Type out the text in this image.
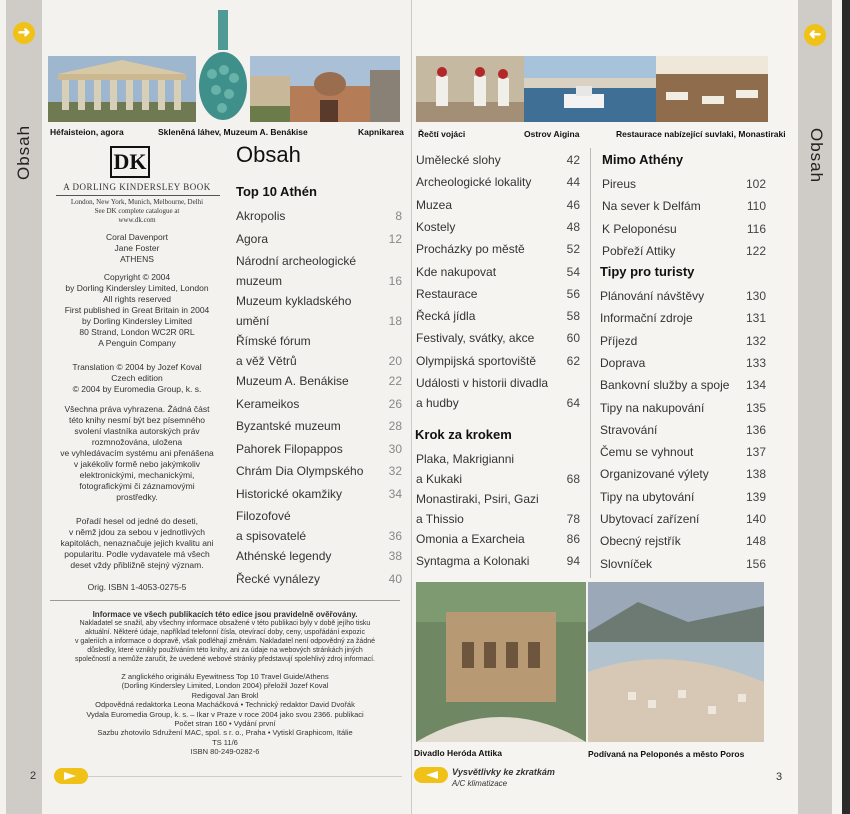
➜
Obsah Héfaisteion, agora	Skleněná láhev, Muzeum A. Benákise	Kapnikarea
DK
A DORLING KINDERSLEY BOOK
London, New York, Munich, Melbourne, Delhi
See DK complete catalogue at
www.dk.com
Coral Davenport
Jane Foster
ATHENS
Copyright © 2004
by Dorling Kindersley Limited, London
All rights reserved
First published in Great Britain in 2004
by Dorling Kindersley Limited
80 Strand, London WC2R 0RL
A Penguin Company
Translation © 2004 by Jozef Koval
Czech edition
© 2004 by Euromedia Group, k. s.
Všechna práva vyhrazena. Žádná část
této knihy nesmí být bez písemného
svolení vlastníka autorských práv
rozmnožována, uložena
ve vyhledávacím systému ani přenášena
v jakékoliv formě nebo jakýmkoliv
elektronickými, mechanickými,
fotografickými či záznamovými
prostředky.
Pořadí hesel od jedné do deseti,
v němž jdou za sebou v jednotlivých
kapitolách, nenaznačuje jejich kvalitu ani
popularitu. Podle vydavatele má všech
deset vždy přibližně stejný význam.
Orig. ISBN 1-4053-0275-5
Obsah
Top 10 Athén
Akropolis	8
Agora	12
Národní archeologické
muzeum	16
Muzeum kykladského
umění	18
Římské fórum
a věž Větrů	20
Muzeum A. Benákise	22
Kerameikos	26
Byzantské muzeum	28
Pahorek Filopappos	30
Chrám Dia Olympského 32
Historické okamžiky	34
Filozofové
a spisovatelé	36
Athénské legendy	38
Řecké vynálezy	40
Informace ve všech publikacích této edice jsou pravidelně ověřovány.
Nakladatel se snažil, aby všechny informace obsažené v této publikaci byly v době jejího tisku
aktuální. Některé údaje, například telefonní čísla, otevírací doby, ceny, uspořádání expozic
v galeriích a informace o dopravě, však podléhají změnám. Nakladatel není odpovědný za žádné
důsledky, které vznikly používáním této knihy, ani za údaje na webových stránkách jiných
společností a nemůže zaručit, že uvedené webové stránky představují spolehlivý zdroj informací.
Z anglického originálu Eyewitness Top 10 Travel Guide/Athens
(Dorling Kindersley Limited, London 2004) přeložil Jozef Koval
Redigoval Jan Brokl
Odpovědná redaktorka Leona Macháčková • Technický redaktor David Dvořák
Vydala Euromedia Group, k. s. – Ikar v Praze v roce 2004 jako svou 2366. publikaci
Počet stran 160 • Vydání první
Sazbu zhotovilo Sdružení MAC, spol. s r. o., Praha • Vytiskl Graphicom, Itálie
TS 11/6
ISBN 80-249-0282-6
2
➜
Obsah
Řečtí vojáci	Ostrov Aigina	Restaurace nabízející suvlaki, Monastiraki
Umělecké slohy	42
Archeologické lokality	44
Muzea	46
Kostely	48
Procházky po městě	52
Kde nakupovat	54
Restaurace	56
Řecká jídla	58
Festivaly, svátky, akce	60
Olympijská sportoviště	62
Události v historii divadla
a hudby	64
Krok za krokem
Plaka, Makrigianni
a Kukaki	68
Monastiraki, Psiri, Gazi
a Thissio	78
Omonia a Exarcheia	86
Syntagma a Kolonaki	94
Mimo Athény
Pireus	102
Na sever k Delfám	110
K Peloponésu	116
Pobřeží Attiky	122
Tipy pro turisty
Plánování návštěvy	130
Informační zdroje	131
Příjezd	132
Doprava	133
Bankovní služby a spoje 134
Tipy na nakupování	135
Stravování	136
Čemu se vyhnout	137
Organizované výlety	138
Tipy na ubytování	139
Ubytovací zařízení	140
Obecný rejstřík	148
Slovníček	156
Divadlo Heróda Attika	Podívaná na Peloponés a město Poros
Vysvětlivky ke zkratkám
A/C klimatizace
3
